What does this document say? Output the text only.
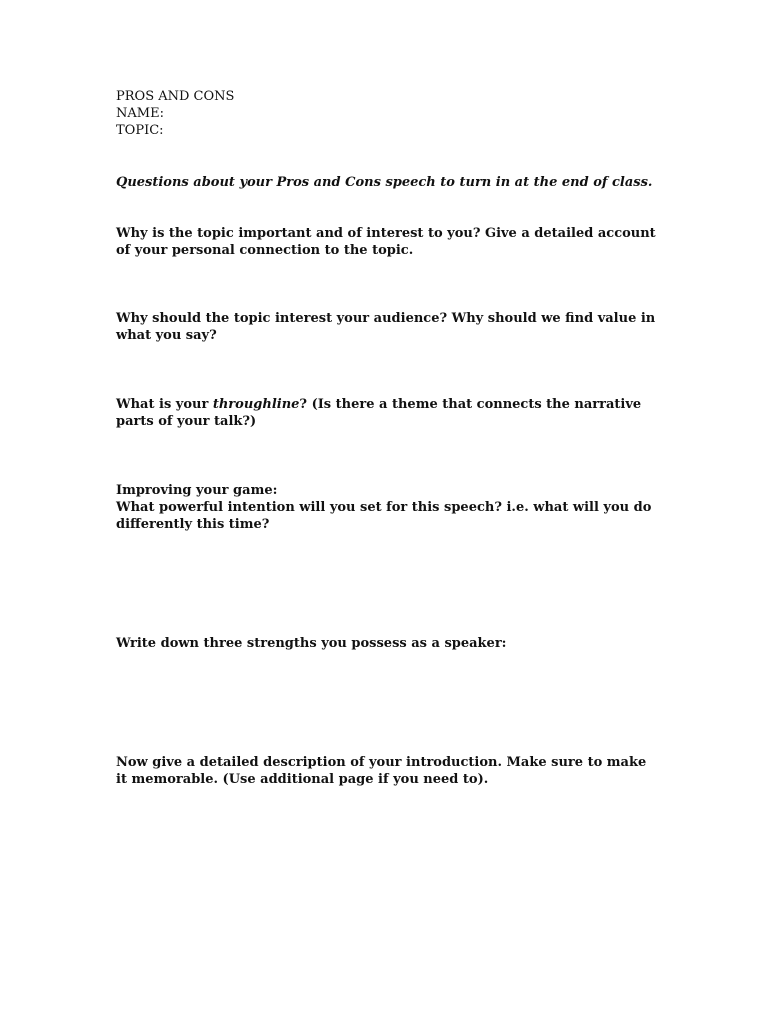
PROS AND CONS
NAME:
TOPIC:
Questions about your Pros and Cons speech to turn in at the end of class.
Why is the topic important and of interest to you? Give a detailed account of your personal connection to the topic.
Why should the topic interest your audience? Why should we find value in what you say?
What is your throughline? (Is there a theme that connects the narrative parts of your talk?)
Improving your game:
What powerful intention will you set for this speech? i.e. what will you do differently this time?
Write down three strengths you possess as a speaker:
Now give a detailed description of your introduction. Make sure to make it memorable. (Use additional page if you need to).
